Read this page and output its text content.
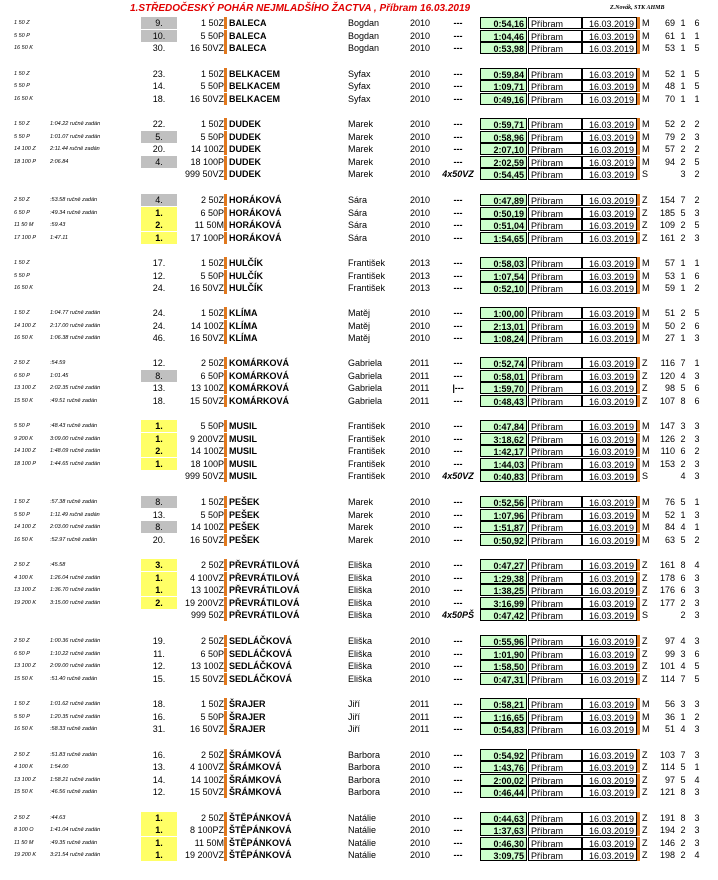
1.STŘEDOČESKÝ POHÁR NEJMLADŠÍHO ŽACTVA , Příbram 16.03.2019	Z.Novák, STK AHMB
1 50 Z	9.	1 50Z BALECA	Bogdan	2010	---	0:54,16 Příbram	16.03.2019 M	69 1 6
5 50 P	10.	5 50P BALECA	Bogdan	2010	---	1:04,46 Příbram	16.03.2019 M	61 1 1
16 50 K	30.	16 50VZ BALECA	Bogdan	2010	---	0:53,98 Příbram	16.03.2019 M	53 1 5
1 50 Z	23.	1 50Z BELKACEM	Syfax	2010	---	0:59,84 Příbram	16.03.2019 M	52 1 5
5 50 P	14.	5 50P BELKACEM	Syfax	2010	---	1:09,71 Příbram	16.03.2019 M	48 1 5
16 50 K	18.	16 50VZ BELKACEM	Syfax	2010	---	0:49,16 Příbram	16.03.2019 M	70 1 1
1 50 Z	1:04.22 ručně zadán	22.	1 50Z DUDEK	Marek	2010	---	0:59,71 Příbram	16.03.2019 M	52 2 2
5 50 P	1:01.07 ručně zadán	5.	5 50P DUDEK	Marek	2010	---	0:58,96 Příbram	16.03.2019 M	79 2 3
14 100 Z	2:11.44 ručně zadán	20.	14 100Z DUDEK	Marek	2010	---	2:07,10 Příbram	16.03.2019 M	57 2 2
18 100 P	2:06.84	4.	18 100P DUDEK	Marek	2010	---	2:02,59 Příbram	16.03.2019 M	94 2 5
999 50VZ DUDEK	Marek	2010 4x50VZ	0:54,45 Příbram	16.03.2019 S	3 2
2 50 Z	:53.58 ručně zadán	4.	2 50Z HORÁKOVÁ	Sára	2010	---	0:47,89 Příbram	16.03.2019 Z	154 7 2
6 50 P	:49.34 ručně zadán	1.	6 50P HORÁKOVÁ	Sára	2010	---	0:50,19 Příbram	16.03.2019 Z	185 5 3
11 50 M	:59.43	2.	11 50M HORÁKOVÁ	Sára	2010	---	0:51,04 Příbram	16.03.2019 Z	109 2 5
17 100 P	1:47.11	1.	17 100P HORÁKOVÁ	Sára	2010	---	1:54,65 Příbram	16.03.2019 Z	161 2 3
1 50 Z	17.	1 50Z HULČÍK	František	2013	---	0:58,03 Příbram	16.03.2019 M	57 1 1
5 50 P	12.	5 50P HULČÍK	František	2013	---	1:07,54 Příbram	16.03.2019 M	53 1 6
16 50 K	24.	16 50VZ HULČÍK	František	2013	---	0:52,10 Příbram	16.03.2019 M	59 1 2
1 50 Z	1:04.77 ručně zadán	24.	1 50Z KLÍMA	Matěj	2010	---	1:00,00 Příbram	16.03.2019 M	51 2 5
14 100 Z	2:17.00 ručně zadán	24.	14 100Z KLÍMA	Matěj	2010	---	2:13,01 Příbram	16.03.2019 M	50 2 6
16 50 K	1:06.38 ručně zadán	46.	16 50VZ KLÍMA	Matěj	2010	---	1:08,24 Příbram	16.03.2019 M	27 1 3
2 50 Z	:54.59	12.	2 50Z KOMÁRKOVÁ	Gabriela	2011	---	0:52,74 Příbram	16.03.2019 Z	116 7 1
6 50 P	1:01.45	8.	6 50P KOMÁRKOVÁ	Gabriela	2011	---	0:58,01 Příbram	16.03.2019 Z	120 4 3
13 100 Z	2:02.35 ručně zadán	13.	13 100Z KOMÁRKOVÁ	Gabriela	2011	|---	1:59,70 Příbram	16.03.2019 Z	98 5 6
15 50 K	:49.51 ručně zadán	18.	15 50VZ KOMÁRKOVÁ	Gabriela	2011	---	0:48,43 Příbram	16.03.2019 Z	107 8 6
5 50 P	:48.43 ručně zadán	1.	5 50P MUSIL	František	2010	---	0:47,84 Příbram	16.03.2019 M	147 3 3
9 200 K	3:09.00 ručně zadán	1.	9 200VZ MUSIL	František	2010	---	3:18,62 Příbram	16.03.2019 M	126 2 3
14 100 Z	1:48.09 ručně zadán	2.	14 100Z MUSIL	František	2010	---	1:42,17 Příbram	16.03.2019 M	110 6 2
18 100 P	1:44.65 ručně zadán	1.	18 100P MUSIL	František	2010	---	1:44,03 Příbram	16.03.2019 M	153 2 3
999 50VZ MUSIL	František	2010 4x50VZ	0:40,83 Příbram	16.03.2019 S	4 3
1 50 Z	:57.38 ručně zadán	8.	1 50Z PEŠEK	Marek	2010	---	0:52,56 Příbram	16.03.2019 M	76 5 1
5 50 P	1:11.49 ručně zadán	13.	5 50P PEŠEK	Marek	2010	---	1:07,96 Příbram	16.03.2019 M	52 1 3
14 100 Z	2:03.00 ručně zadán	8.	14 100Z PEŠEK	Marek	2010	---	1:51,87 Příbram	16.03.2019 M	84 4 1
16 50 K	:52.97 ručně zadán	20.	16 50VZ PEŠEK	Marek	2010	---	0:50,92 Příbram	16.03.2019 M	63 5 2
2 50 Z	:45.58	3.	2 50Z PŘEVRÁTILOVÁ	Eliška	2010	---	0:47,27 Příbram	16.03.2019 Z	161 8 4
4 100 K	1:26.04 ručně zadán	1.	4 100VZ PŘEVRÁTILOVÁ	Eliška	2010	---	1:29,38 Příbram	16.03.2019 Z	178 6 3
13 100 Z	1:36.70 ručně zadán	1.	13 100Z PŘEVRÁTILOVÁ	Eliška	2010	---	1:38,25 Příbram	16.03.2019 Z	176 6 3
19 200 K	3:15.00 ručně zadán	2.	19 200VZ PŘEVRÁTILOVÁ	Eliška	2010	---	3:16,99 Příbram	16.03.2019 Z	177 2 3
999 50Z PŘEVRÁTILOVÁ	Eliška	2010 4x50PŠ	0:47,42 Příbram	16.03.2019 S	2 3
2 50 Z	1:00.36 ručně zadán	19.	2 50Z SEDLÁČKOVÁ	Eliška	2010	---	0:55,96 Příbram	16.03.2019 Z	97 4 3
6 50 P	1:10.22 ručně zadán	11.	6 50P SEDLÁČKOVÁ	Eliška	2010	---	1:01,90 Příbram	16.03.2019 Z	99 3 6
13 100 Z	2:09.00 ručně zadán	12.	13 100Z SEDLÁČKOVÁ	Eliška	2010	---	1:58,50 Příbram	16.03.2019 Z	101 4 5
15 50 K	:51.40 ručně zadán	15.	15 50VZ SEDLÁČKOVÁ	Eliška	2010	---	0:47,31 Příbram	16.03.2019 Z	114 7 5
1 50 Z	1:01.62 ručně zadán	18.	1 50Z ŠRAJER	Jiří	2011	---	0:58,21 Příbram	16.03.2019 M	56 3 3
5 50 P	1:20.35 ručně zadán	16.	5 50P ŠRAJER	Jiří	2011	---	1:16,65 Příbram	16.03.2019 M	36 1 2
16 50 K	:58.33 ručně zadán	31.	16 50VZ ŠRAJER	Jiří	2011	---	0:54,83 Příbram	16.03.2019 M	51 4 3
2 50 Z	:51.83 ručně zadán	16.	2 50Z ŠRÁMKOVÁ	Barbora	2010	---	0:54,92 Příbram	16.03.2019 Z	103 7 3
4 100 K	1:54.00	13.	4 100VZ ŠRÁMKOVÁ	Barbora	2010	---	1:43,76 Příbram	16.03.2019 Z	114 5 1
13 100 Z	1:58.21 ručně zadán	14.	14 100Z ŠRÁMKOVÁ	Barbora	2010	---	2:00,02 Příbram	16.03.2019 Z	97 5 4
15 50 K	:46.56 ručně zadán	12.	15 50VZ ŠRÁMKOVÁ	Barbora	2010	---	0:46,44 Příbram	16.03.2019 Z	121 8 3
2 50 Z	:44.63	1.	2 50Z ŠTĚPÁNKOVÁ	Natálie	2010	---	0:44,63 Příbram	16.03.2019 Z	191 8 3
8 100 O	1:41.04 ručně zadán	1.	8 100PZ ŠTĚPÁNKOVÁ	Natálie	2010	---	1:37,63 Příbram	16.03.2019 Z	194 2 3
11 50 M	:49.35 ručně zadán	1.	11 50M ŠTĚPÁNKOVÁ	Natálie	2010	---	0:46,30 Příbram	16.03.2019 Z	146 2 3
19 200 K	3:21.54 ručně zadán	1.	19 200VZ ŠTĚPÁNKOVÁ	Natálie	2010	---	3:09,75 Příbram	16.03.2019 Z	198 2 4
